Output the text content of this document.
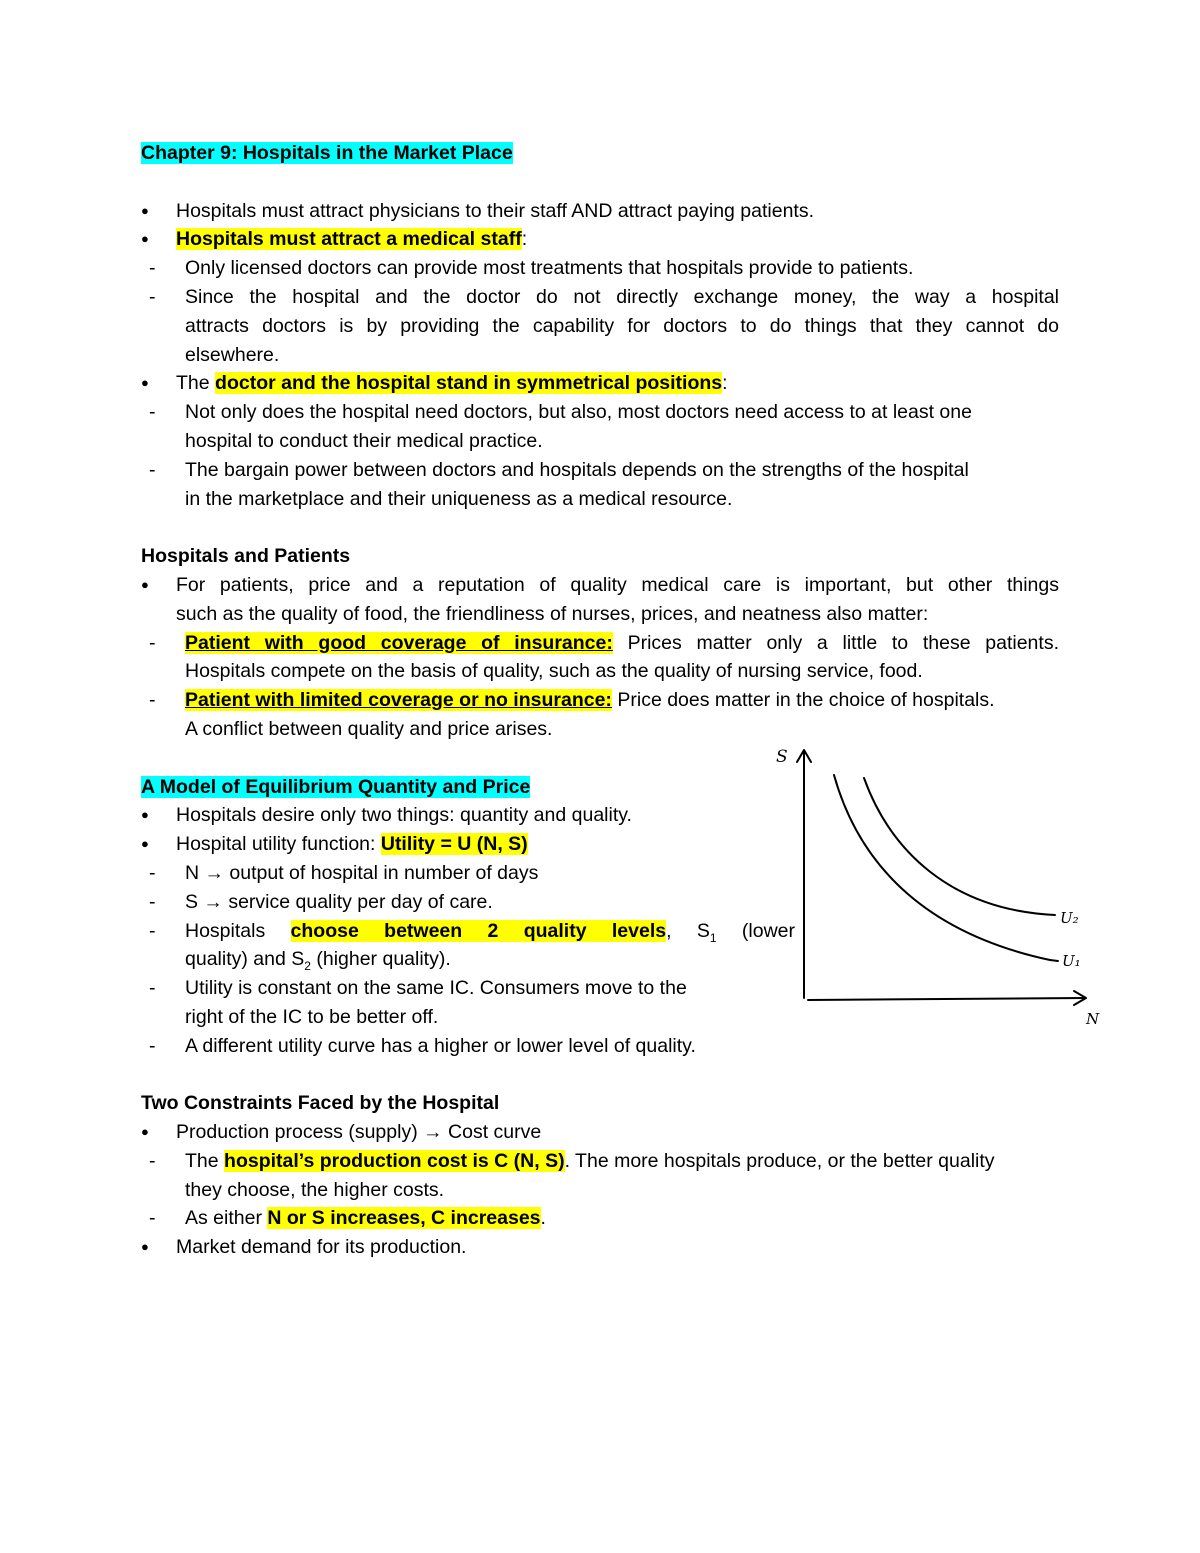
Chapter 9: Hospitals in the Market Place
● Hospitals must attract physicians to their staff AND attract paying patients.
● Hospitals must attract a medical staff:
- Only licensed doctors can provide most treatments that hospitals provide to patients.
- Since the hospital and the doctor do not directly exchange money, the way a hospital
attracts doctors is by providing the capability for doctors to do things that they cannot do
elsewhere.
● The doctor and the hospital stand in symmetrical positions:
- Not only does the hospital need doctors, but also, most doctors need access to at least one
hospital to conduct their medical practice.
- The bargain power between doctors and hospitals depends on the strengths of the hospital
in the marketplace and their uniqueness as a medical resource.
Hospitals and Patients
● For patients, price and a reputation of quality medical care is important, but other things
such as the quality of food, the friendliness of nurses, prices, and neatness also matter:
- Patient with good coverage of insurance: Prices matter only a little to these patients.
Hospitals compete on the basis of quality, such as the quality of nursing service, food.
- Patient with limited coverage or no insurance: Price does matter in the choice of hospitals.
A conflict between quality and price arises.
A Model of Equilibrium Quantity and Price
● Hospitals desire only two things: quantity and quality.
● Hospital utility function: Utility = U (N, S)
- N → output of hospital in number of days
- S → service quality per day of care.
- Hospitals choose between 2 quality levels, $S_1$ (lower
quality) and $S_2$ (higher quality).
- Utility is constant on the same IC. Consumers move to the
right of the IC to be better off.
- A different utility curve has a higher or lower level of quality.
Two Constraints Faced by the Hospital
● Production process (supply) → Cost curve
- The hospital’s production cost is C (N, S). The more hospitals produce, or the better quality
they choose, the higher costs.
- As either N or S increases, C increases.
● Market demand for its production.
S
N
U₂
U₁
